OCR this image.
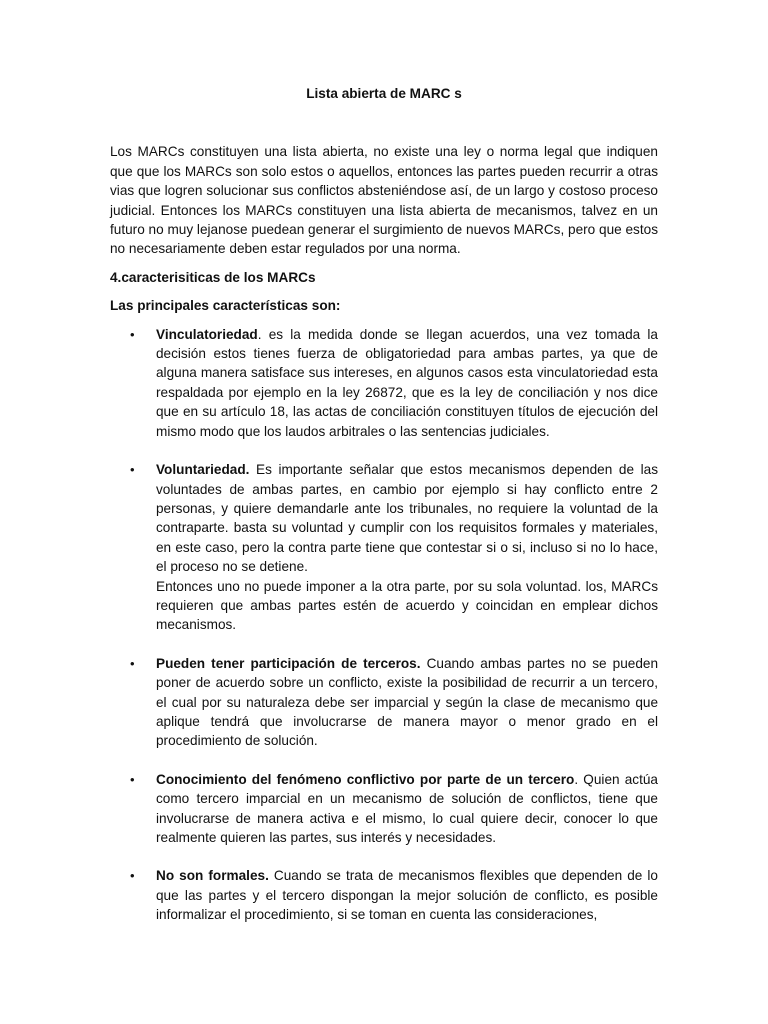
Lista abierta de MARC s

Los MARCs constituyen una lista abierta, no existe una ley o norma legal que indiquen que que los MARCs son solo estos o aquellos, entonces las partes pueden recurrir a otras vias que logren solucionar sus conflictos absteniéndose así, de un largo y costoso proceso judicial. Entonces los MARCs constituyen una lista abierta de mecanismos, talvez en un futuro no muy lejanose puedean generar el surgimiento de nuevos MARCs, pero que estos no necesariamente deben estar regulados por una norma.

4.caracterisiticas de los MARCs
Las principales características son:
• Vinculatoriedad. es la medida donde se llegan acuerdos, una vez tomada la decisión estos tienes fuerza de obligatoriedad para ambas partes, ya que de alguna manera satisface sus intereses, en algunos casos esta vinculatoriedad esta respaldada por ejemplo en la ley 26872, que es la ley de conciliación y nos dice que en su artículo 18, las actas de conciliación constituyen títulos de ejecución del mismo modo que los laudos arbitrales o las sentencias judiciales.
• Voluntariedad. Es importante señalar que estos mecanismos dependen de las voluntades de ambas partes, en cambio por ejemplo si hay conflicto entre 2 personas, y quiere demandarle ante los tribunales, no requiere la voluntad de la contraparte. basta su voluntad y cumplir con los requisitos formales y materiales, en este caso, pero la contra parte tiene que contestar si o si, incluso si no lo hace, el proceso no se detiene.
Entonces uno no puede imponer a la otra parte, por su sola voluntad. los, MARCs requieren que ambas partes estén de acuerdo y coincidan en emplear dichos mecanismos.
• Pueden tener participación de terceros. Cuando ambas partes no se pueden poner de acuerdo sobre un conflicto, existe la posibilidad de recurrir a un tercero, el cual por su naturaleza debe ser imparcial y según la clase de mecanismo que aplique tendrá que involucrarse de manera mayor o menor grado en el procedimiento de solución.
• Conocimiento del fenómeno conflictivo por parte de un tercero. Quien actúa como tercero imparcial en un mecanismo de solución de conflictos, tiene que involucrarse de manera activa e el mismo, lo cual quiere decir, conocer lo que realmente quieren las partes, sus interés y necesidades.
• No son formales. Cuando se trata de mecanismos flexibles que dependen de lo que las partes y el tercero dispongan la mejor solución de conflicto, es posible informalizar el procedimiento, si se toman en cuenta las consideraciones,
